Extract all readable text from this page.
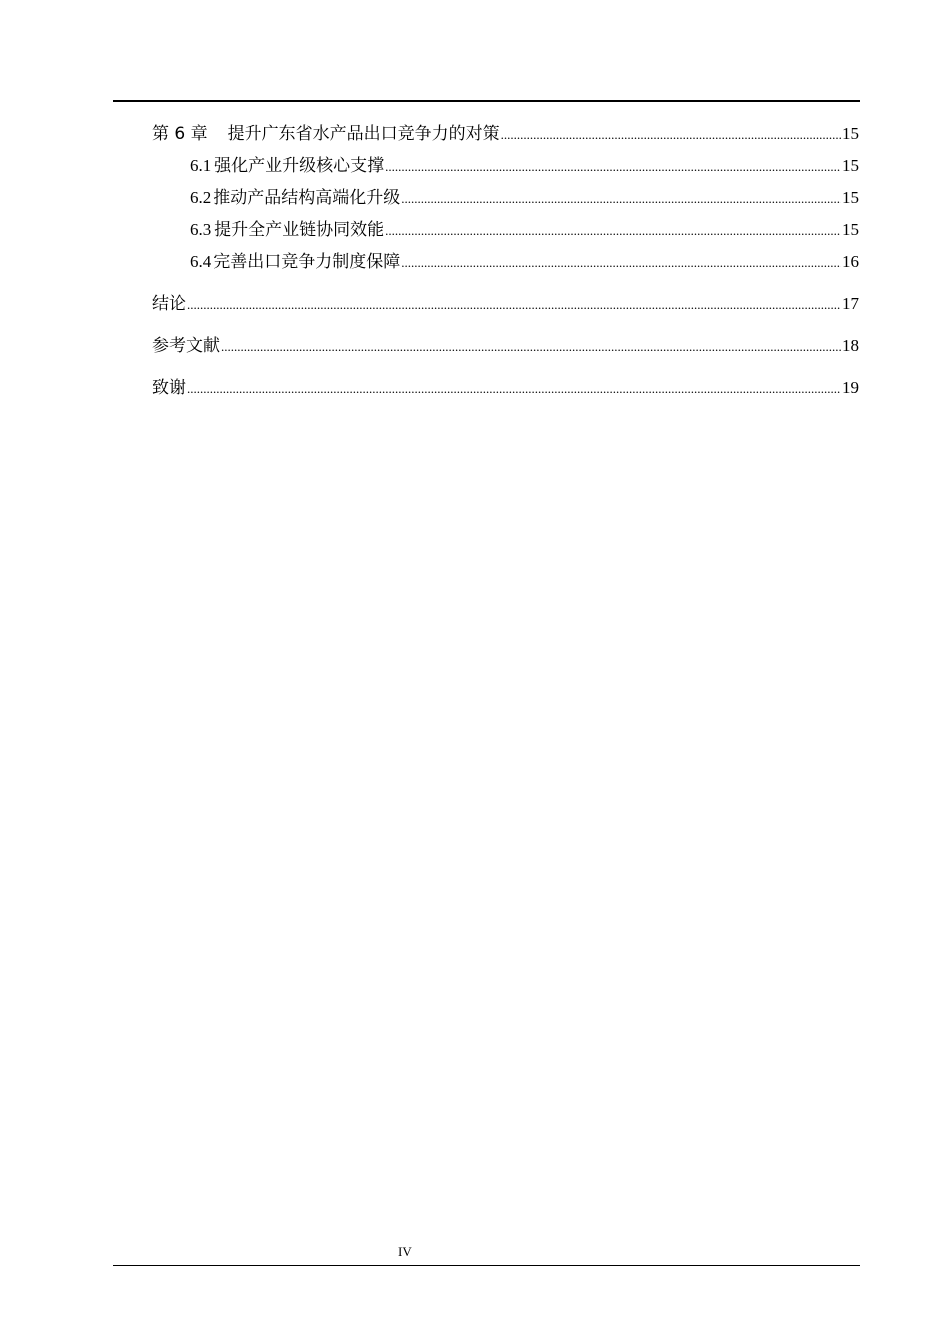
第 6 章 提升广东省水产品出口竞争力的对策 .....	15
6.1 强化产业升级核心支撑 .....	15
6.2 推动产品结构高端化升级 .....	15
6.3 提升全产业链协同效能 .....	15
6.4 完善出口竞争力制度保障 .....	16
结论 .....	17
参考文献 .....	18
致谢 .....	19
IV
